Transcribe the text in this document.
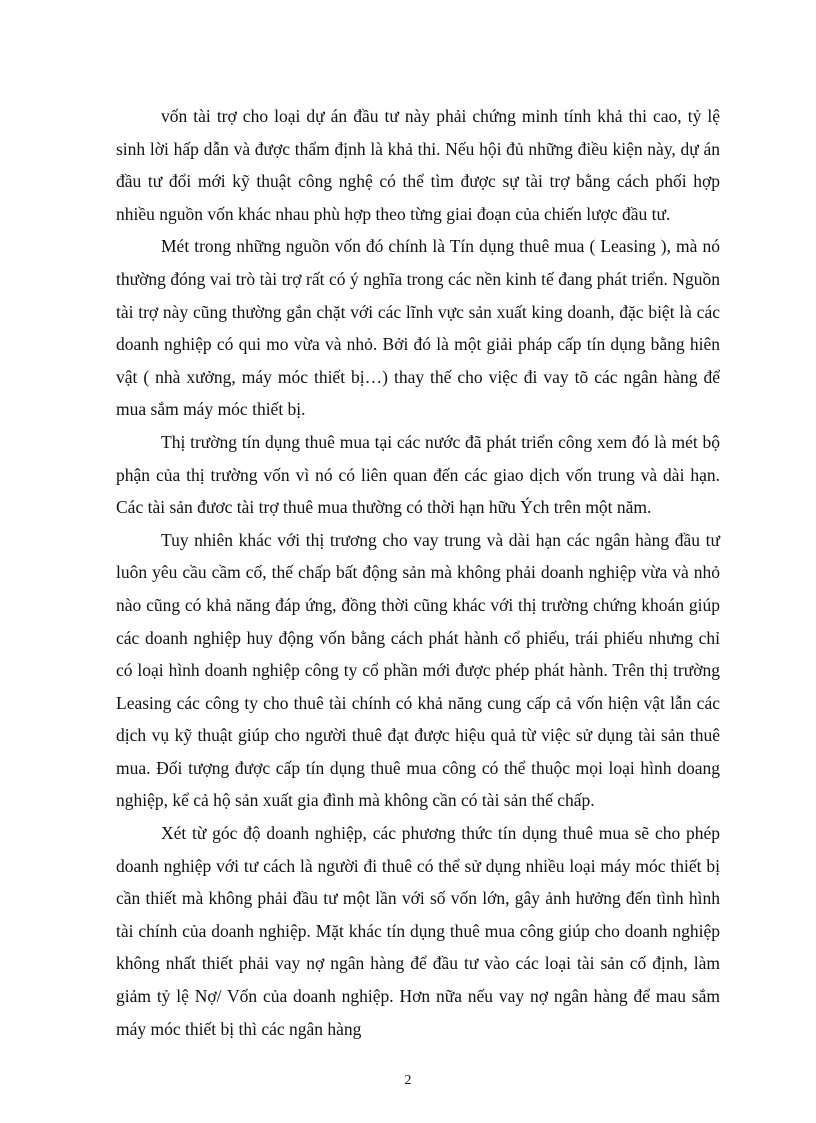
vốn tài trợ cho loại dự án đầu tư này phải chứng minh tính khả thi cao, tỷ lệ sinh lời hấp dẫn và được thẩm định là khả thi. Nếu hội đủ những điều kiện này, dự án đầu tư đổi mới kỹ thuật công nghệ có thể tìm được sự tài trợ bằng cách phối hợp nhiều nguồn vốn khác nhau phù hợp theo từng giai đoạn của chiến lược đầu tư.

Mét trong những nguồn vốn đó chính là Tín dụng thuê mua ( Leasing ), mà nó thường đóng vai trò tài trợ rất có ý nghĩa trong các nền kinh tế đang phát triển. Nguồn tài trợ này cũng thường gắn chặt với các lĩnh vực sản xuất king doanh, đặc biệt là các doanh nghiệp có qui mo vừa và nhỏ. Bởi đó là một giải pháp cấp tín dụng bằng hiên vật ( nhà xưởng, máy móc thiết bị…) thay thế cho việc đi vay tõ các ngân hàng để mua sắm máy móc thiết bị.

Thị trường tín dụng thuê mua tại các nước đã phát triển công xem đó là mét bộ phận của thị trường vốn vì nó có liên quan đến các giao dịch vốn trung và dài hạn. Các tài sản đươc tài trợ thuê mua thường có thời hạn hữu Ých trên một năm.

Tuy nhiên khác với thị trương cho vay trung và dài hạn các ngân hàng đầu tư luôn yêu cầu cầm cố, thế chấp bất động sản mà không phải doanh nghiệp vừa và nhỏ nào cũng có khả năng đáp ứng, đồng thời cũng khác với thị trường chứng khoán giúp các doanh nghiệp huy động vốn bằng cách phát hành cổ phiếu, trái phiếu nhưng chỉ có loại hình doanh nghiệp công ty cổ phần mới được phép phát hành. Trên thị trường Leasing các công ty cho thuê tài chính có khả năng cung cấp cả vốn hiện vật lẫn các dịch vụ kỹ thuật giúp cho người thuê đạt được hiệu quả từ việc sử dụng tài sản thuê mua. Đối tượng được cấp tín dụng thuê mua công có thể thuộc mọi loại hình doang nghiệp, kể cả hộ sản xuất gia đình mà không cần có tài sản thế chấp.

Xét từ góc độ doanh nghiệp, các phương thức tín dụng thuê mua sẽ cho phép doanh nghiệp với tư cách là người đi thuê có thể sử dụng nhiều loại máy móc thiết bị cần thiết mà không phải đầu tư một lần với số vốn lớn, gây ảnh hưởng đến tình hình tài chính của doanh nghiệp. Mặt khác tín dụng thuê mua công giúp cho doanh nghiệp không nhất thiết phải vay nợ ngân hàng để đầu tư vào các loại tài sản cố định, làm giảm tỷ lệ Nợ/ Vốn của doanh nghiệp. Hơn nữa nếu vay nợ ngân hàng để mau sắm máy móc thiết bị thì các ngân hàng

2
